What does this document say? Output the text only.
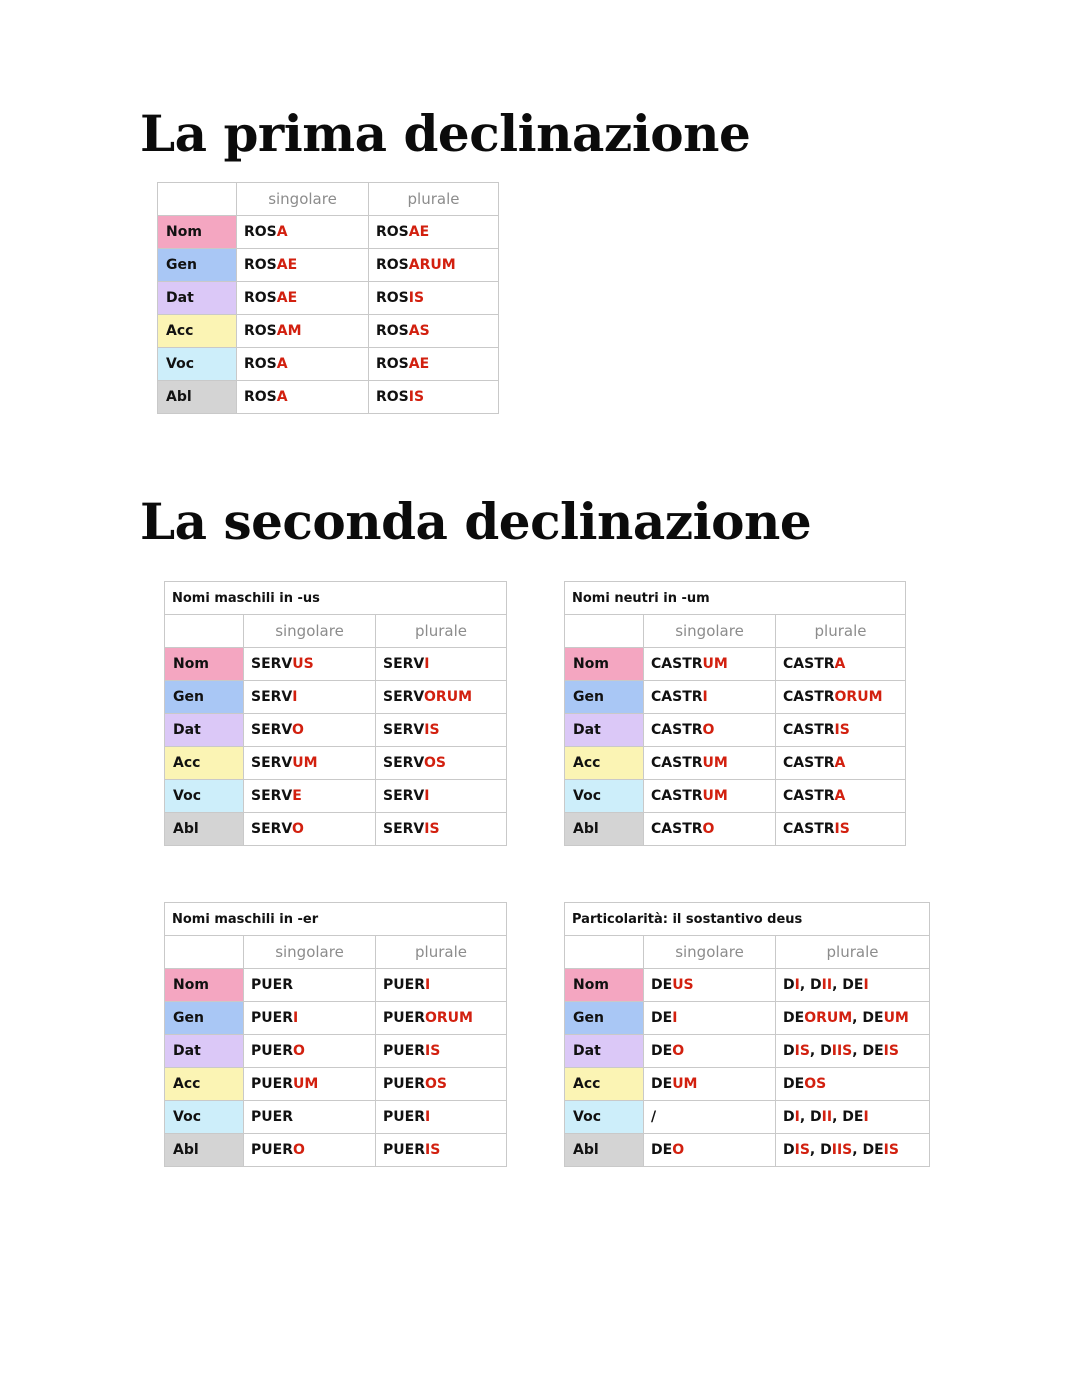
La prima declinazione
La seconda declinazione
	singolare	plurale
Nom	ROSA	ROSAE
Gen	ROSAE	ROSARUM
Dat	ROSAE	ROSIS
Acc	ROSAM	ROSAS
Voc	ROSA	ROSAE
Abl	ROSA	ROSIS
Nomi maschili in -us		
	singolare	plurale
Nom	SERVUS	SERVI
Gen	SERVI	SERVORUM
Dat	SERVO	SERVIS
Acc	SERVUM	SERVOS
Voc	SERVE	SERVI
Abl	SERVO	SERVIS
Nomi neutri in -um		
	singolare	plurale
Nom	CASTRUM	CASTRA
Gen	CASTRI	CASTRORUM
Dat	CASTRO	CASTRIS
Acc	CASTRUM	CASTRA
Voc	CASTRUM	CASTRA
Abl	CASTRO	CASTRIS
Nomi maschili in -er		
	singolare	plurale
Nom	PUER	PUERI
Gen	PUERI	PUERORUM
Dat	PUERO	PUERIS
Acc	PUERUM	PUEROS
Voc	PUER	PUERI
Abl	PUERO	PUERIS
Particolarità: il sostantivo deus		
	singolare	plurale
Nom	DEUS	DI, DII, DEI
Gen	DEI	DEORUM, DEUM
Dat	DEO	DIS, DIIS, DEIS
Acc	DEUM	DEOS
Voc	/	DI, DII, DEI
Abl	DEO	DIS, DIIS, DEIS
